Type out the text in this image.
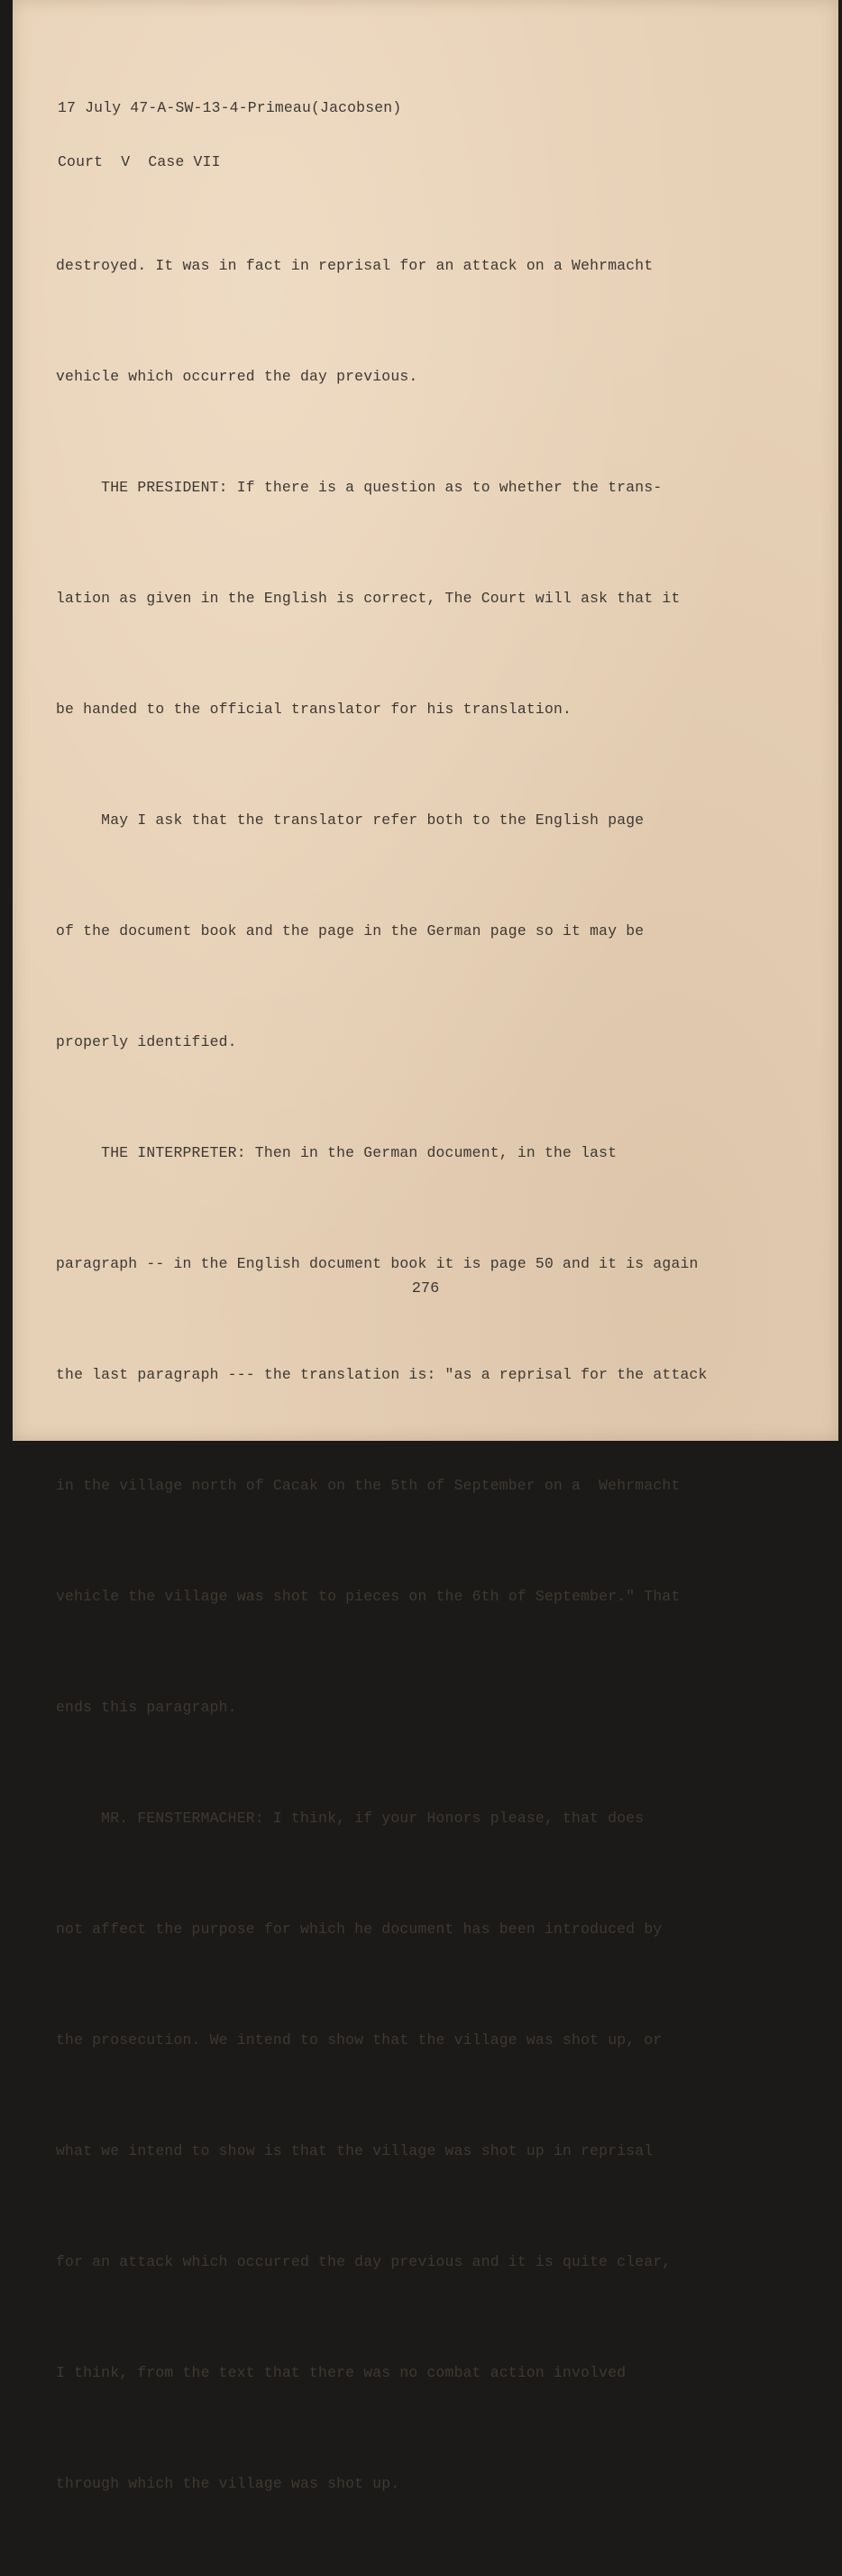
17 July 47-A-SW-13-4-Primeau(Jacobsen)

Court  V  Case VII

destroyed. It was in fact in reprisal for an attack on a Wehrmacht

vehicle which occurred the day previous.

THE PRESIDENT: If there is a question as to whether the trans-

lation as given in the English is correct, The Court will ask that it

be handed to the official translator for his translation.

May I ask that the translator refer both to the English page

of the document book and the page in the German page so it may be

properly identified.

THE INTERPRETER: Then in the German document, in the last

paragraph -- in the English document book it is page 50 and it is again

the last paragraph --- the translation is: "as a reprisal for the attack

in the village north of Cacak on the 5th of September on a  Wehrmacht

vehicle the village was shot to pieces on the 6th of September." That

ends this paragraph.

MR. FENSTERMACHER: I think, if your Honors please, that does

not affect the purpose for which he document has been introduced by

the prosecution. We intend to show that the village was shot up, or

what we intend to show is that the village was shot up in reprisal

for an attack which occurred the day previous and it is quite clear,

I think, from the text that there was no combat action involved

through which the village was shot up.

276
